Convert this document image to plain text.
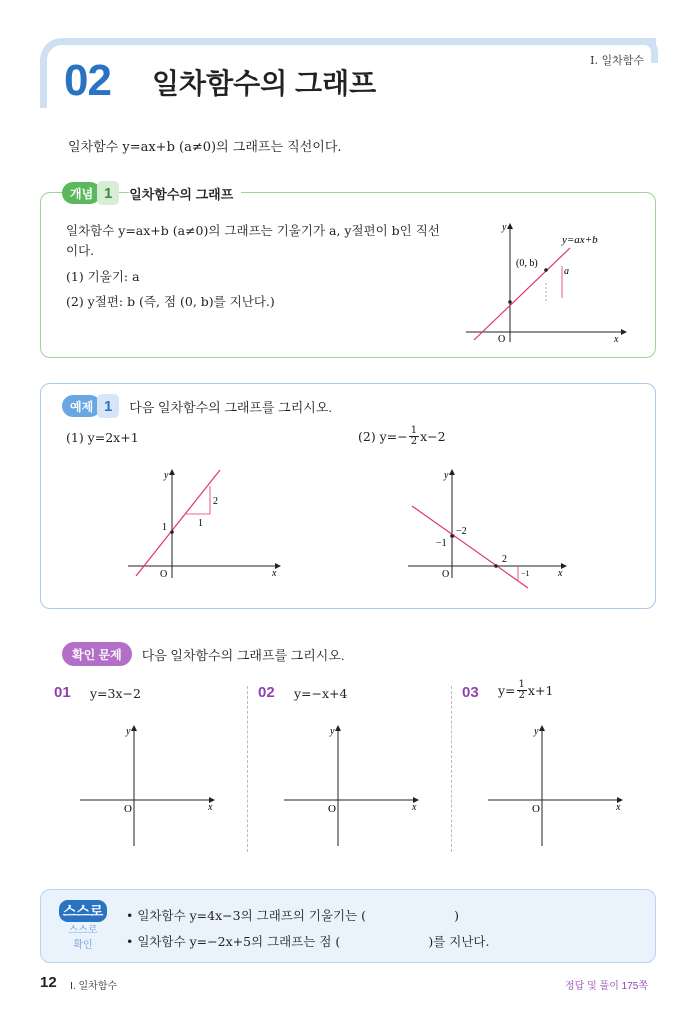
02 일차함수의 그래프
Ⅰ. 일차함수
일차함수 y=ax+b (a≠0)의 그래프는 직선이다.
개념 1	일차함수의 그래프
일차함수 y=ax+b (a≠0)의 그래프는 기울기가 a, y절편이 b인 직선
이다.
(1) 기울기: a
(2) y절편: b (즉, 점 (0, b)를 지난다.)
y=ax+b
(0, b)
a
x
y
O
예제 1	다음 일차함수의 그래프를 그리시오.
(1) y=2x+1	(2) $y=- \frac{1}{2} x-2$
1
2
1
x
y
O
−2
−1
2
−1	x
y
O
확인 문제	다음 일차함수의 그래프를 그리시오.
01 y=3x−2	02 y=−x+4	03 $y= \frac{1}{2} x+1$
x
y
O	x
y
O	x
y
O
스스로
스스로
확인
• 일차함수 y=4x−3의 그래프의 기울기는 (	)
• 일차함수 y=−2x+5의 그래프는 점 (	)를 지난다.
12 Ⅰ. 일차함수	정답 및 풀이 175쪽
